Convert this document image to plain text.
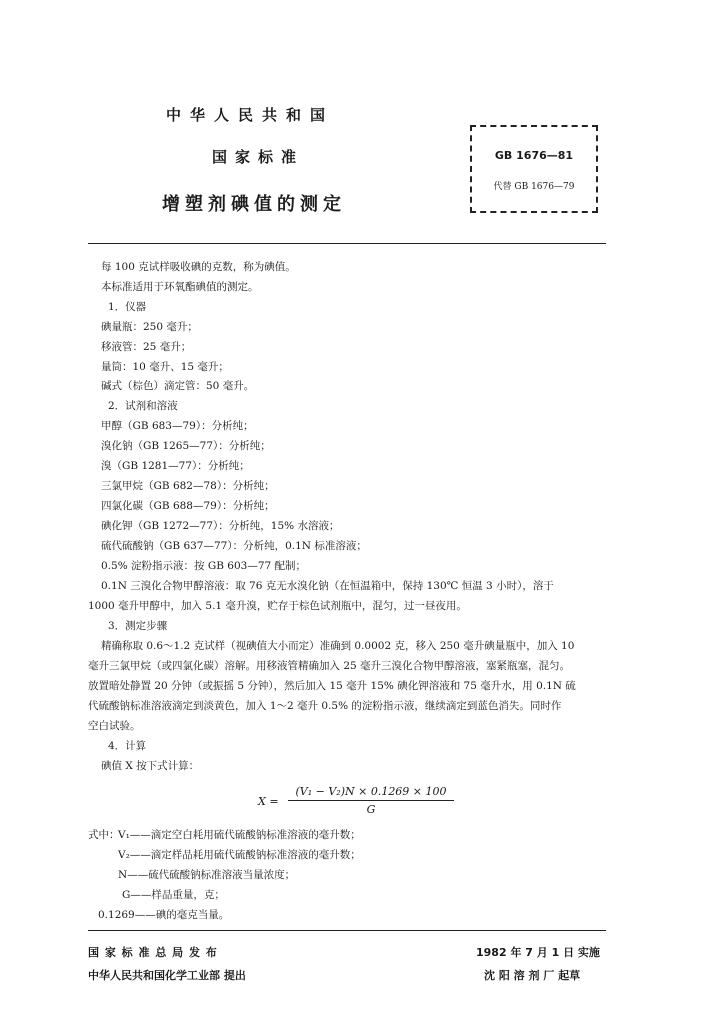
中华人民共和国
国家标准
增塑剂碘值的测定
GB 1676—81
代替 GB 1676—79
每 100 克试样吸收碘的克数，称为碘值。
本标准适用于环氧酯碘值的测定。
1．仪器
碘量瓶：250 毫升；
移液管：25 毫升；
量筒：10 毫升、15 毫升；
碱式（棕色）滴定管：50 毫升。
2．试剂和溶液
甲醇（GB 683—79）：分析纯；
溴化钠（GB 1265—77）：分析纯；
溴（GB 1281—77）：分析纯；
三氯甲烷（GB 682—78）：分析纯；
四氯化碳（GB 688—79）：分析纯；
碘化钾（GB 1272—77）：分析纯，15% 水溶液；
硫代硫酸钠（GB 637—77）：分析纯，0.1N 标准溶液；
0.5% 淀粉指示液：按 GB 603—77 配制；
0.1N 三溴化合物甲醇溶液：取 76 克无水溴化钠（在恒温箱中，保持 130℃ 恒温 3 小时），溶于
1000 毫升甲醇中，加入 5.1 毫升溴，贮存于棕色试剂瓶中，混匀，过一昼夜用。
3．测定步骤
精确称取 0.6～1.2 克试样（视碘值大小而定）准确到 0.0002 克，移入 250 毫升碘量瓶中，加入 10
毫升三氯甲烷（或四氯化碳）溶解。用移液管精确加入 25 毫升三溴化合物甲醇溶液，塞紧瓶塞，混匀。
放置暗处静置 20 分钟（或振摇 5 分钟），然后加入 15 毫升 15% 碘化钾溶液和 75 毫升水，用 0.1N 硫
代硫酸钠标准溶液滴定到淡黄色，加入 1～2 毫升 0.5% 的淀粉指示液，继续滴定到蓝色消失。同时作
空白试验。
4．计算
碘值 X 按下式计算：
X =
(V₁ − V₂)N × 0.1269 × 100
G
式中：
V₁——滴定空白耗用硫代硫酸钠标准溶液的毫升数；
V₂——滴定样品耗用硫代硫酸钠标准溶液的毫升数；
N——硫代硫酸钠标准溶液当量浓度；
G——样品重量，克；
0.1269——碘的毫克当量。
国 家 标 准 总 局 发 布	1982 年 7 月 1 日 实施
中华人民共和国化学工业部 提出	沈 阳 溶 剂 厂 起草
